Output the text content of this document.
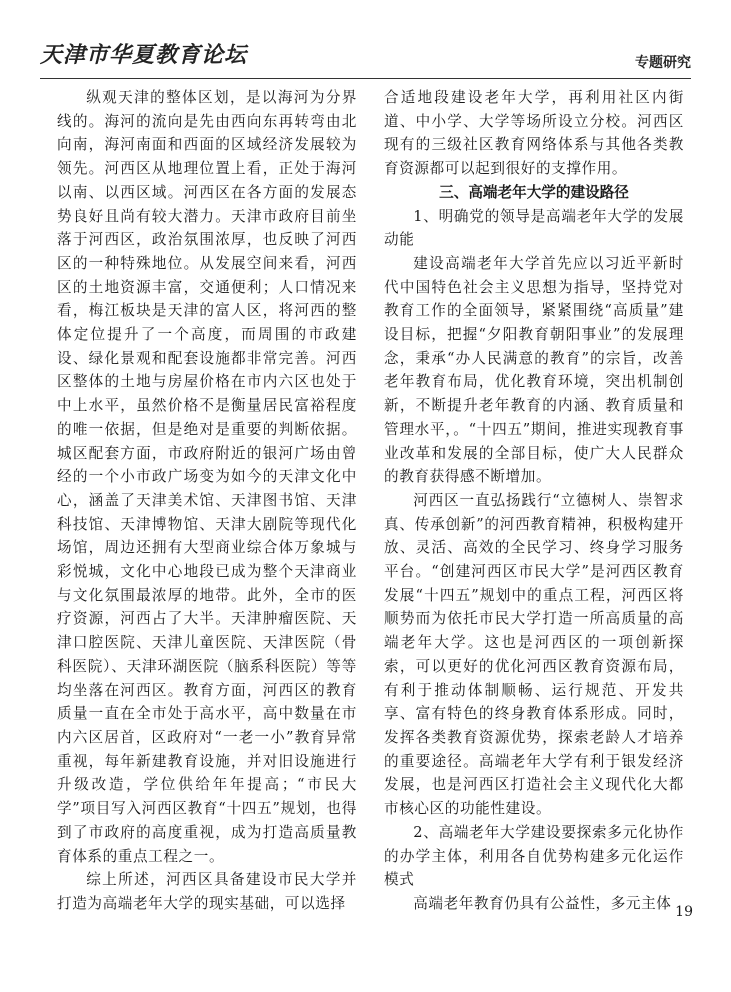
天津市华夏教育论坛	专题研究

纵观天津的整体区划，是以海河为分界线的。海河的流向是先由西向东再转弯由北向南，海河南面和西面的区域经济发展较为领先。河西区从地理位置上看，正处于海河以南、以西区域。河西区在各方面的发展态势良好且尚有较大潜力。天津市政府目前坐落于河西区，政治氛围浓厚，也反映了河西区的一种特殊地位。从发展空间来看，河西区的土地资源丰富，交通便利；人口情况来看，梅江板块是天津的富人区，将河西的整体定位提升了一个高度，而周围的市政建设、绿化景观和配套设施都非常完善。河西区整体的土地与房屋价格在市内六区也处于中上水平，虽然价格不是衡量居民富裕程度的唯一依据，但是绝对是重要的判断依据。城区配套方面，市政府附近的银河广场由曾经的一个小市政广场变为如今的天津文化中心，涵盖了天津美术馆、天津图书馆、天津科技馆、天津博物馆、天津大剧院等现代化场馆，周边还拥有大型商业综合体万象城与彩悦城，文化中心地段已成为整个天津商业与文化氛围最浓厚的地带。此外，全市的医疗资源，河西占了大半。天津肿瘤医院、天津口腔医院、天津儿童医院、天津医院（骨科医院）、天津环湖医院（脑系科医院）等等均坐落在河西区。教育方面，河西区的教育质量一直在全市处于高水平，高中数量在市内六区居首，区政府对“一老一小”教育异常重视，每年新建教育设施，并对旧设施进行升级改造，学位供给年年提高；“市民大学”项目写入河西区教育“十四五”规划，也得到了市政府的高度重视，成为打造高质量教育体系的重点工程之一。

综上所述，河西区具备建设市民大学并打造为高端老年大学的现实基础，可以选择

合适地段建设老年大学，再利用社区内街道、中小学、大学等场所设立分校。河西区现有的三级社区教育网络体系与其他各类教育资源都可以起到很好的支撑作用。

三、高端老年大学的建设路径

1、明确党的领导是高端老年大学的发展动能

建设高端老年大学首先应以习近平新时代中国特色社会主义思想为指导，坚持党对教育工作的全面领导，紧紧围绕“高质量”建设目标，把握“夕阳教育朝阳事业”的发展理念，秉承“办人民满意的教育”的宗旨，改善老年教育布局，优化教育环境，突出机制创新，不断提升老年教育的内涵、教育质量和管理水平，。“十四五”期间，推进实现教育事业改革和发展的全部目标，使广大人民群众的教育获得感不断增加。

河西区一直弘扬践行“立德树人、崇智求真、传承创新”的河西教育精神，积极构建开放、灵活、高效的全民学习、终身学习服务平台。“创建河西区市民大学”是河西区教育发展“十四五”规划中的重点工程，河西区将顺势而为依托市民大学打造一所高质量的高端老年大学。这也是河西区的一项创新探索，可以更好的优化河西区教育资源布局，有利于推动体制顺畅、运行规范、开发共享、富有特色的终身教育体系形成。同时，发挥各类教育资源优势，探索老龄人才培养的重要途径。高端老年大学有利于银发经济发展，也是河西区打造社会主义现代化大都市核心区的功能性建设。

2、高端老年大学建设要探索多元化协作的办学主体，利用各自优势构建多元化运作模式

高端老年教育仍具有公益性，多元主体

19
